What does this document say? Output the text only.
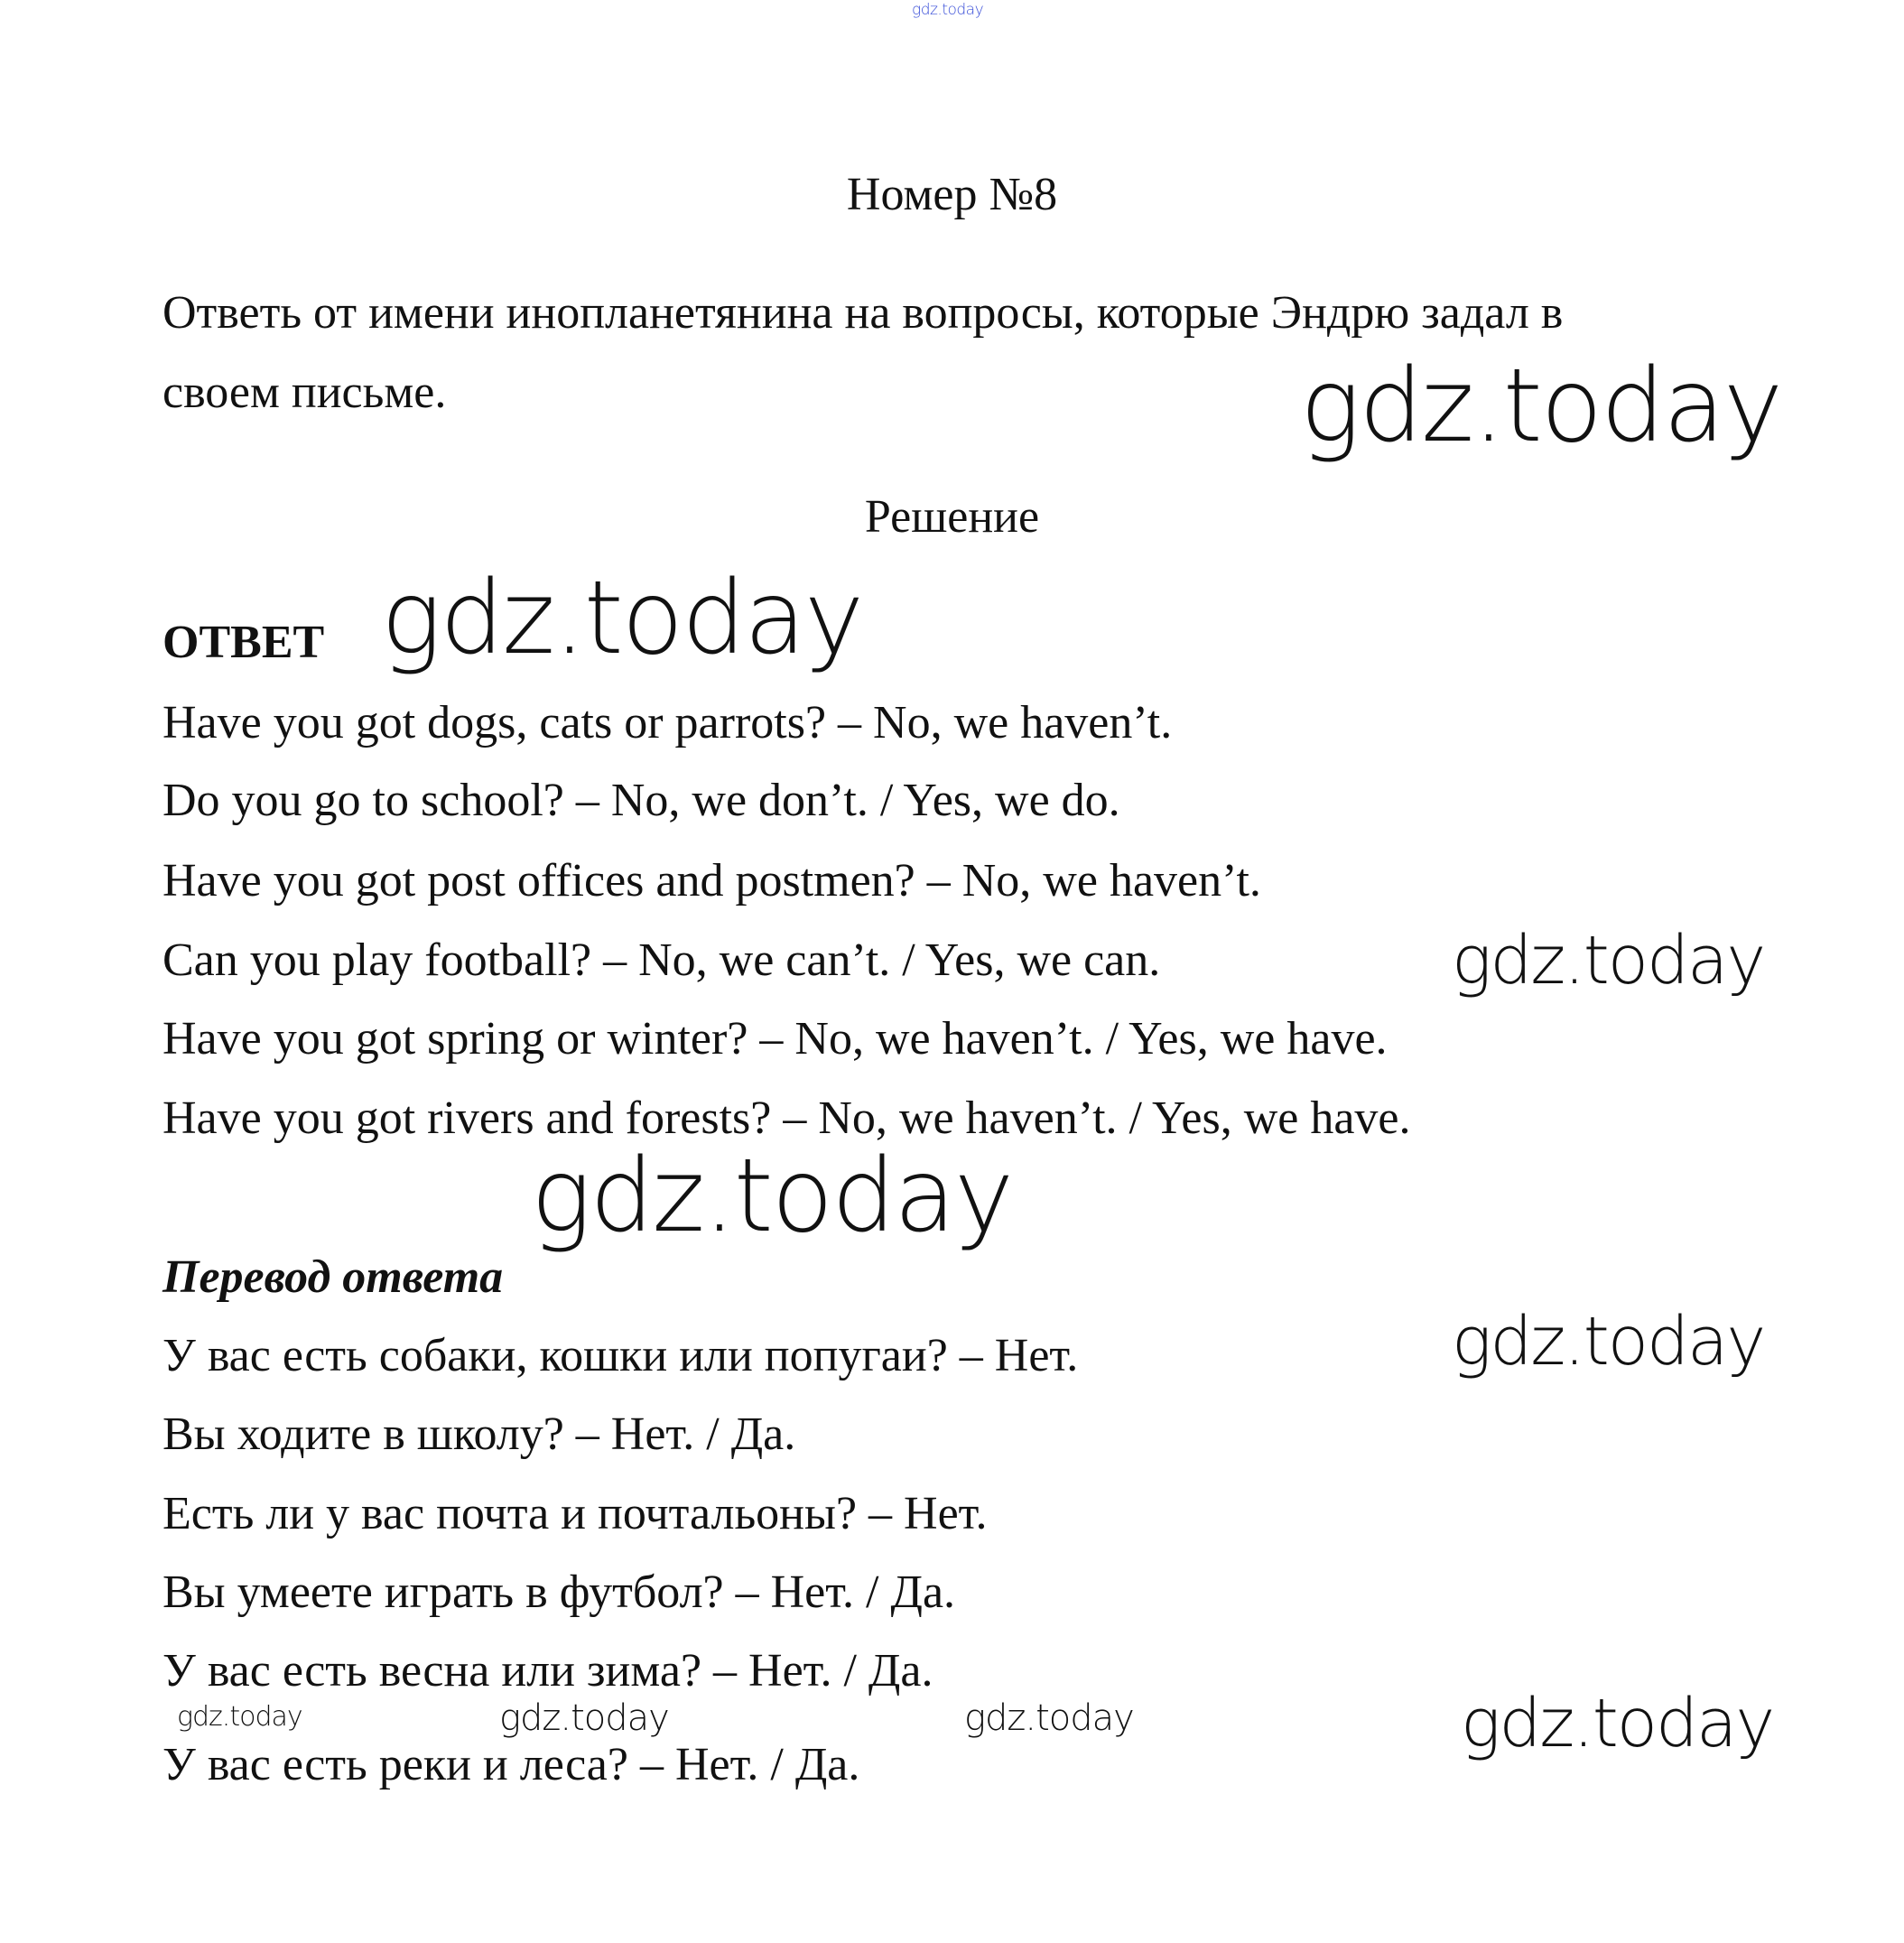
gdz.today
Номер №8
Ответь от имени инопланетянина на вопросы, которые Эндрю задал в
своем письме.	gdz.today
Решение
ОТВЕТ gdz.today
Have you got dogs, cats or parrots? – No, we haven’t.
Do you go to school? – No, we don’t. / Yes, we do.
Have you got post offices and postmen? – No, we haven’t.
Can you play football? – No, we can’t. / Yes, we can.	gdz.today
Have you got spring or winter? – No, we haven’t. / Yes, we have.
Have you got rivers and forests? – No, we haven’t. / Yes, we have.
gdz.today
Перевод ответа
У вас есть собаки, кошки или попугаи? – Нет.	gdz.today
Вы ходите в школу? – Нет. / Да.
Есть ли у вас почта и почтальоны? – Нет.
Вы умеете играть в футбол? – Нет. / Да.
У вас есть весна или зима? – Нет. / Да.
gdz.today	gdz.today	gdz.today
У вас есть реки и леса? – Нет. / Да.
gdz.today
